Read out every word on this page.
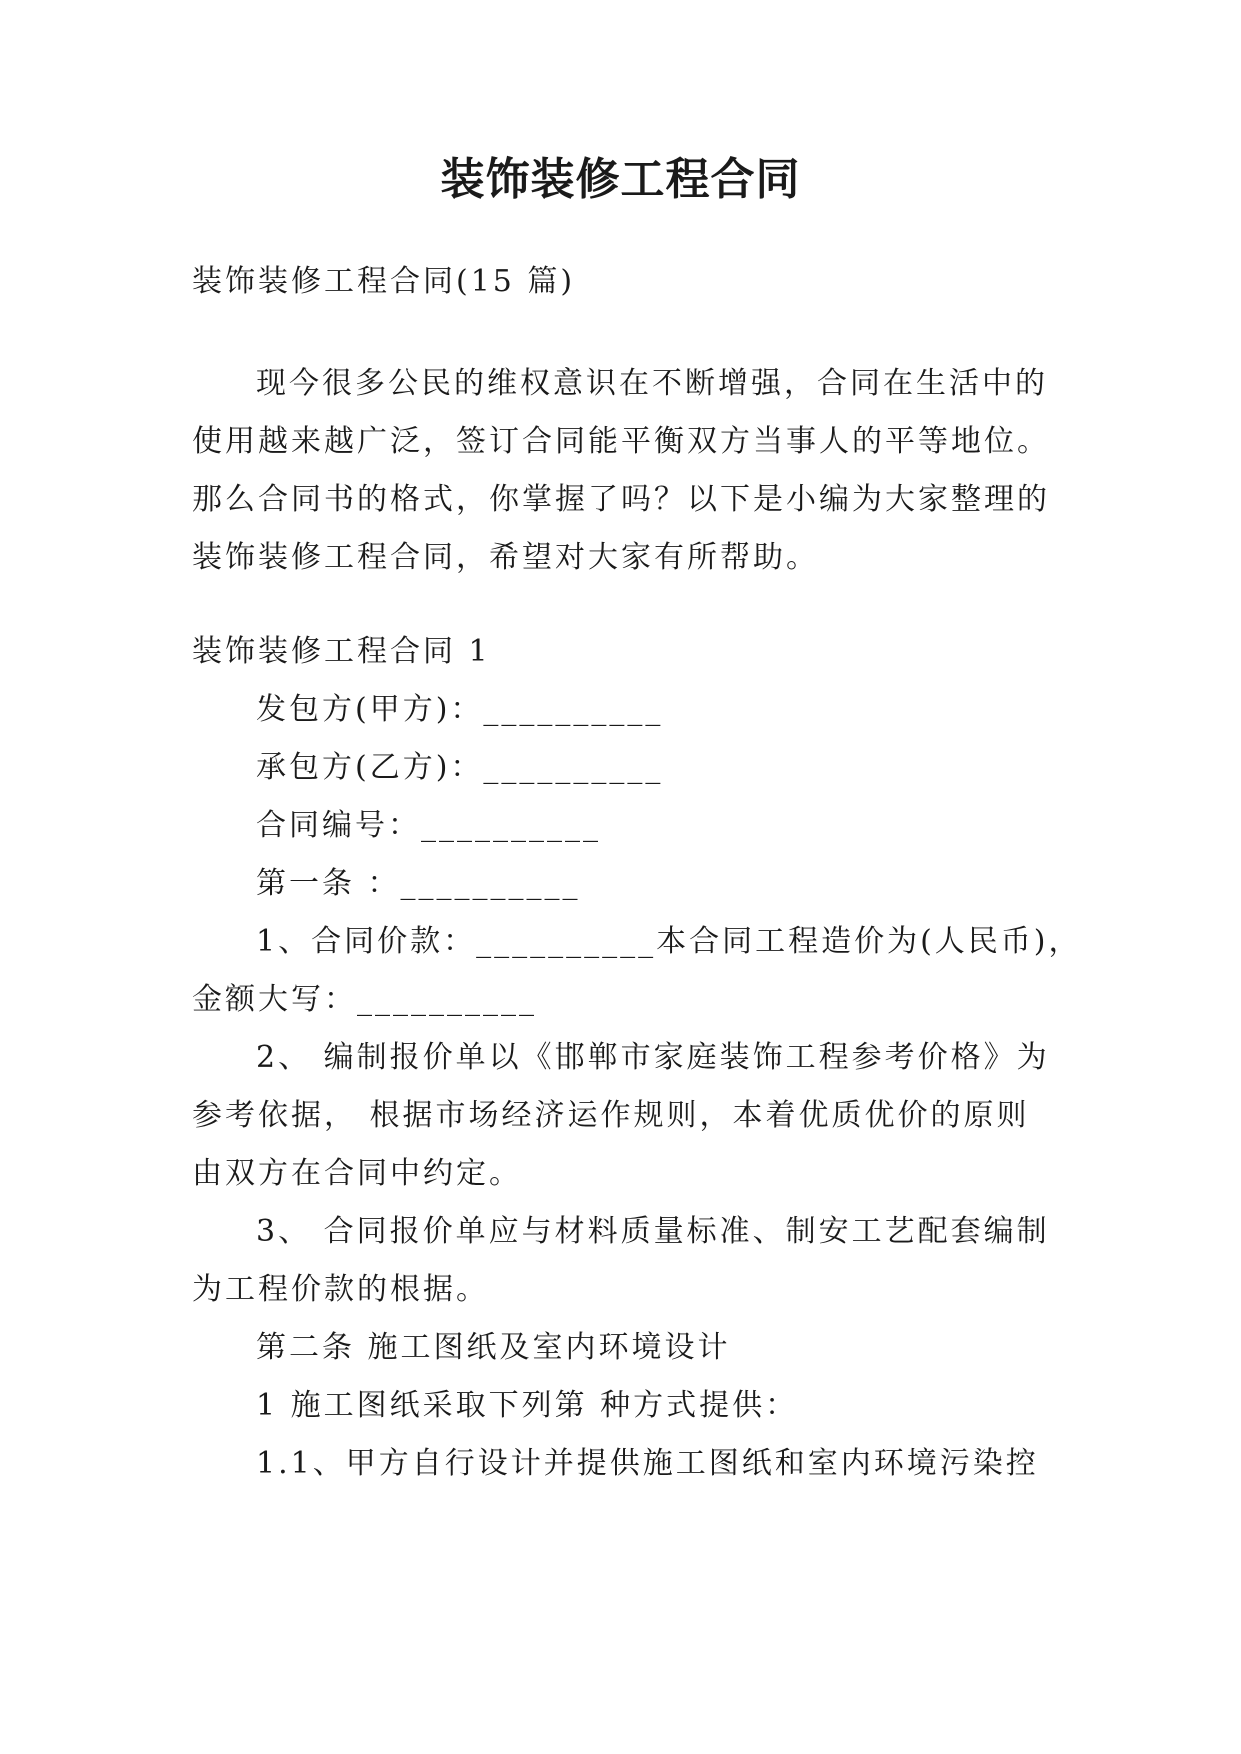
装饰装修工程合同
装饰装修工程合同(15 篇)
现今很多公民的维权意识在不断增强，合同在生活中的
使用越来越广泛，签订合同能平衡双方当事人的平等地位。
那么合同书的格式，你掌握了吗？以下是小编为大家整理的
装饰装修工程合同，希望对大家有所帮助。
装饰装修工程合同 1
发包方(甲方)：__________
承包方(乙方)：__________
合同编号：__________
第一条 ：__________
1、合同价款：__________本合同工程造价为(人民币)，
金额大写：__________
2、 编制报价单以《邯郸市家庭装饰工程参考价格》为
参考依据， 根据市场经济运作规则，本着优质优价的原则
由双方在合同中约定。
3、 合同报价单应与材料质量标准、制安工艺配套编制
为工程价款的根据。
第二条 施工图纸及室内环境设计
1 施工图纸采取下列第 种方式提供：
1.1、甲方自行设计并提供施工图纸和室内环境污染控
